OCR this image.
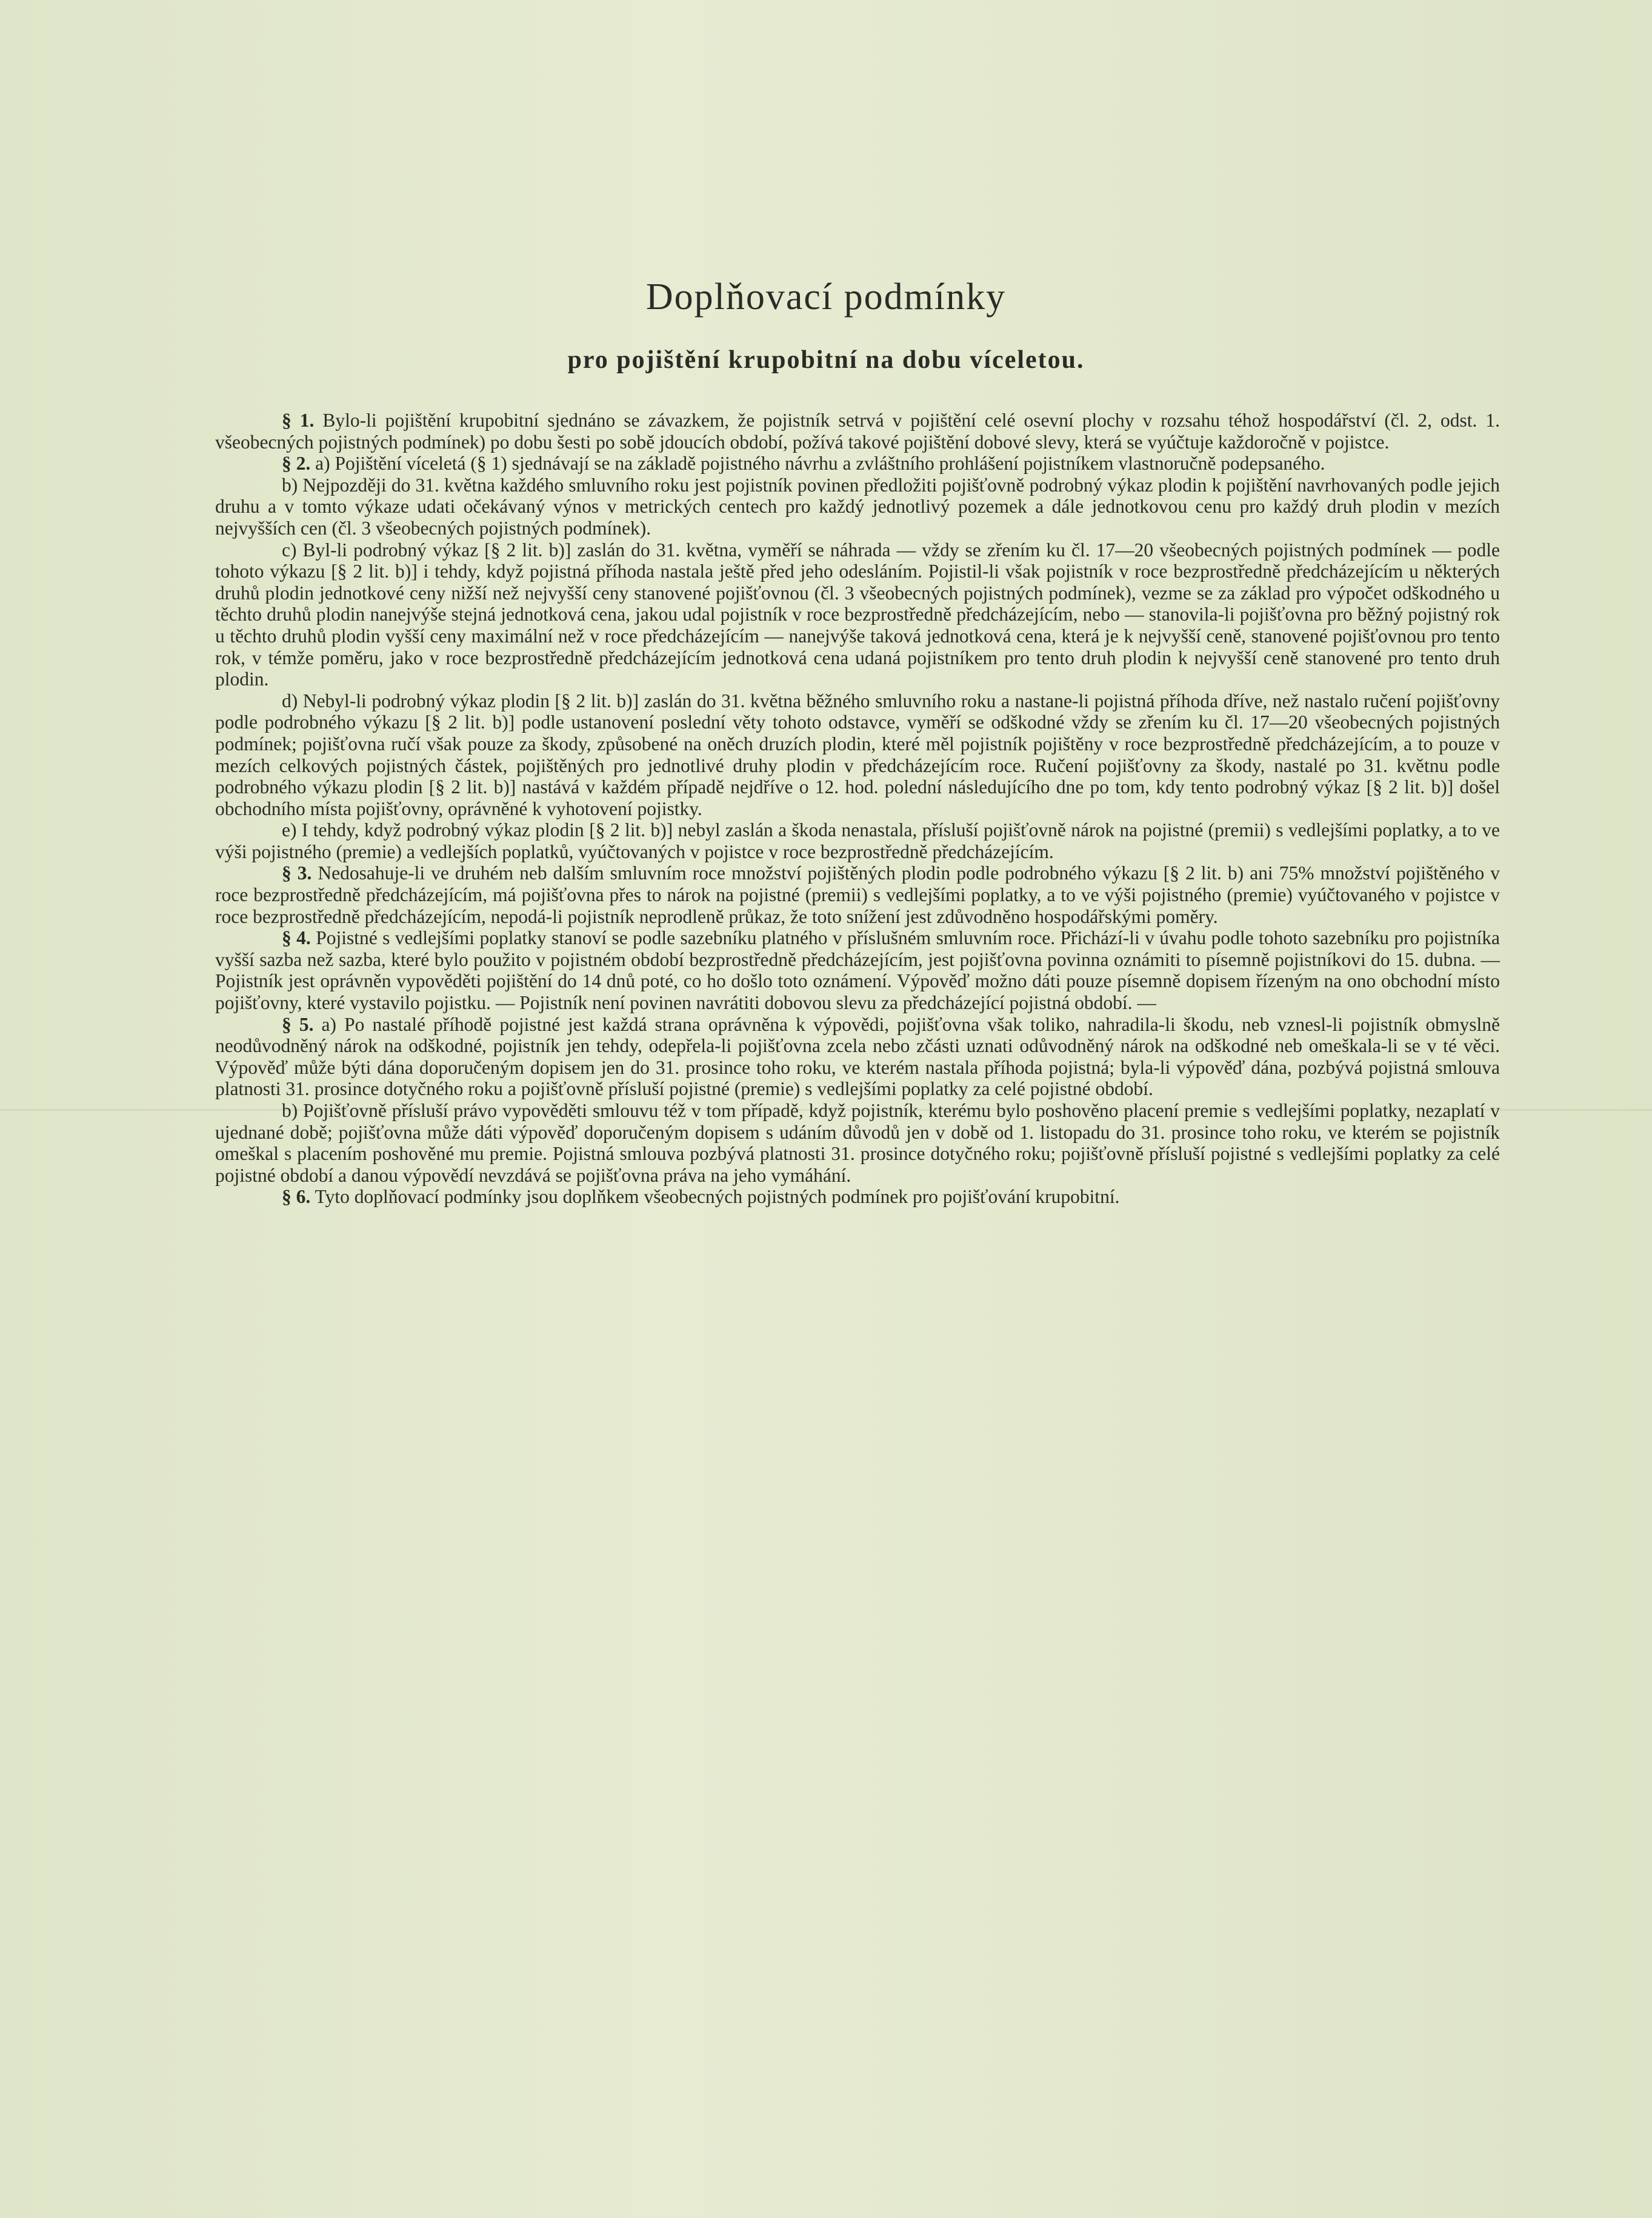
Doplňovací podmínky
pro pojištění krupobitní na dobu víceletou.

§ 1. Bylo-li pojištění krupobitní sjednáno se závazkem, že pojistník setrvá v pojištění celé osevní plochy v rozsahu téhož hospodářství (čl. 2, odst. 1. všeobecných pojistných podmínek) po dobu šesti po sobě jdoucích období, požívá takové pojištění dobové slevy, která se vyúčtuje každoročně v pojistce.

§ 2. a) Pojištění víceletá (§ 1) sjednávají se na základě pojistného návrhu a zvláštního prohlášení pojistníkem vlastnoručně podepsaného.

b) Nejpozději do 31. května každého smluvního roku jest pojistník povinen předložiti pojišťovně podrobný výkaz plodin k pojištění navrhovaných podle jejich druhu a v tomto výkaze udati očekávaný výnos v metrických centech pro každý jednotlivý pozemek a dále jednotkovou cenu pro každý druh plodin v mezích nejvyšších cen (čl. 3 všeobecných pojistných podmínek).

c) Byl-li podrobný výkaz [§ 2 lit. b)] zaslán do 31. května, vyměří se náhrada — vždy se zřením ku čl. 17—20 všeobecných pojistných podmínek — podle tohoto výkazu [§ 2 lit. b)] i tehdy, když pojistná příhoda nastala ještě před jeho odesláním. Pojistil-li však pojistník v roce bezprostředně předcházejícím u některých druhů plodin jednotkové ceny nižší než nejvyšší ceny stanovené pojišťovnou (čl. 3 všeobecných pojistných podmínek), vezme se za základ pro výpočet odškodného u těchto druhů plodin nanejvýše stejná jednotková cena, jakou udal pojistník v roce bezprostředně předcházejícím, nebo — stanovila-li pojišťovna pro běžný pojistný rok u těchto druhů plodin vyšší ceny maximální než v roce předcházejícím — nanejvýše taková jednotková cena, která je k nejvyšší ceně, stanovené pojišťovnou pro tento rok, v témže poměru, jako v roce bezprostředně předcházejícím jednotková cena udaná pojistníkem pro tento druh plodin k nejvyšší ceně stanovené pro tento druh plodin.

d) Nebyl-li podrobný výkaz plodin [§ 2 lit. b)] zaslán do 31. května běžného smluvního roku a nastane-li pojistná příhoda dříve, než nastalo ručení pojišťovny podle podrobného výkazu [§ 2 lit. b)] podle ustanovení poslední věty tohoto odstavce, vyměří se odškodné vždy se zřením ku čl. 17—20 všeobecných pojistných podmínek; pojišťovna ručí však pouze za škody, způsobené na oněch druzích plodin, které měl pojistník pojištěny v roce bezprostředně předcházejícím, a to pouze v mezích celkových pojistných částek, pojištěných pro jednotlivé druhy plodin v předcházejícím roce. Ručení pojišťovny za škody, nastalé po 31. květnu podle podrobného výkazu plodin [§ 2 lit. b)] nastává v každém případě nejdříve o 12. hod. polední následujícího dne po tom, kdy tento podrobný výkaz [§ 2 lit. b)] došel obchodního místa pojišťovny, oprávněné k vyhotovení pojistky.

e) I tehdy, když podrobný výkaz plodin [§ 2 lit. b)] nebyl zaslán a škoda nenastala, přísluší pojišťovně nárok na pojistné (premii) s vedlejšími poplatky, a to ve výši pojistného (premie) a vedlejších poplatků, vyúčtovaných v pojistce v roce bezprostředně předcházejícím.

§ 3. Nedosahuje-li ve druhém neb dalším smluvním roce množství pojištěných plodin podle podrobného výkazu [§ 2 lit. b) ani 75% množství pojištěného v roce bezprostředně předcházejícím, má pojišťovna přes to nárok na pojistné (premii) s vedlejšími poplatky, a to ve výši pojistného (premie) vyúčtovaného v pojistce v roce bezprostředně předcházejícím, nepodá-li pojistník neprodleně průkaz, že toto snížení jest zdůvodněno hospodářskými poměry.

§ 4. Pojistné s vedlejšími poplatky stanoví se podle sazebníku platného v příslušném smluvním roce. Přichází-li v úvahu podle tohoto sazebníku pro pojistníka vyšší sazba než sazba, které bylo použito v pojistném období bezprostředně předcházejícím, jest pojišťovna povinna oznámiti to písemně pojistníkovi do 15. dubna. — Pojistník jest oprávněn vypověděti pojištění do 14 dnů poté, co ho došlo toto oznámení. Výpověď možno dáti pouze písemně dopisem řízeným na ono obchodní místo pojišťovny, které vystavilo pojistku. — Pojistník není povinen navrátiti dobovou slevu za předcházející pojistná období. —

§ 5. a) Po nastalé příhodě pojistné jest každá strana oprávněna k výpovědi, pojišťovna však toliko, nahradila-li škodu, neb vznesl-li pojistník obmyslně neodůvodněný nárok na odškodné, pojistník jen tehdy, odepřela-li pojišťovna zcela nebo zčásti uznati odůvodněný nárok na odškodné neb omeškala-li se v té věci. Výpověď může býti dána doporučeným dopisem jen do 31. prosince toho roku, ve kterém nastala příhoda pojistná; byla-li výpověď dána, pozbývá pojistná smlouva platnosti 31. prosince dotyčného roku a pojišťovně přísluší pojistné (premie) s vedlejšími poplatky za celé pojistné období.

b) Pojišťovně přísluší právo vypověděti smlouvu též v tom případě, když pojistník, kterému bylo poshověno placení premie s vedlejšími poplatky, nezaplatí v ujednané době; pojišťovna může dáti výpověď doporučeným dopisem s udáním důvodů jen v době od 1. listopadu do 31. prosince toho roku, ve kterém se pojistník omeškal s placením poshověné mu premie. Pojistná smlouva pozbývá platnosti 31. prosince dotyčného roku; pojišťovně přísluší pojistné s vedlejšími poplatky za celé pojistné období a danou výpovědí nevzdává se pojišťovna práva na jeho vymáhání.

§ 6. Tyto doplňovací podmínky jsou doplňkem všeobecných pojistných podmínek pro pojišťování krupobitní.
